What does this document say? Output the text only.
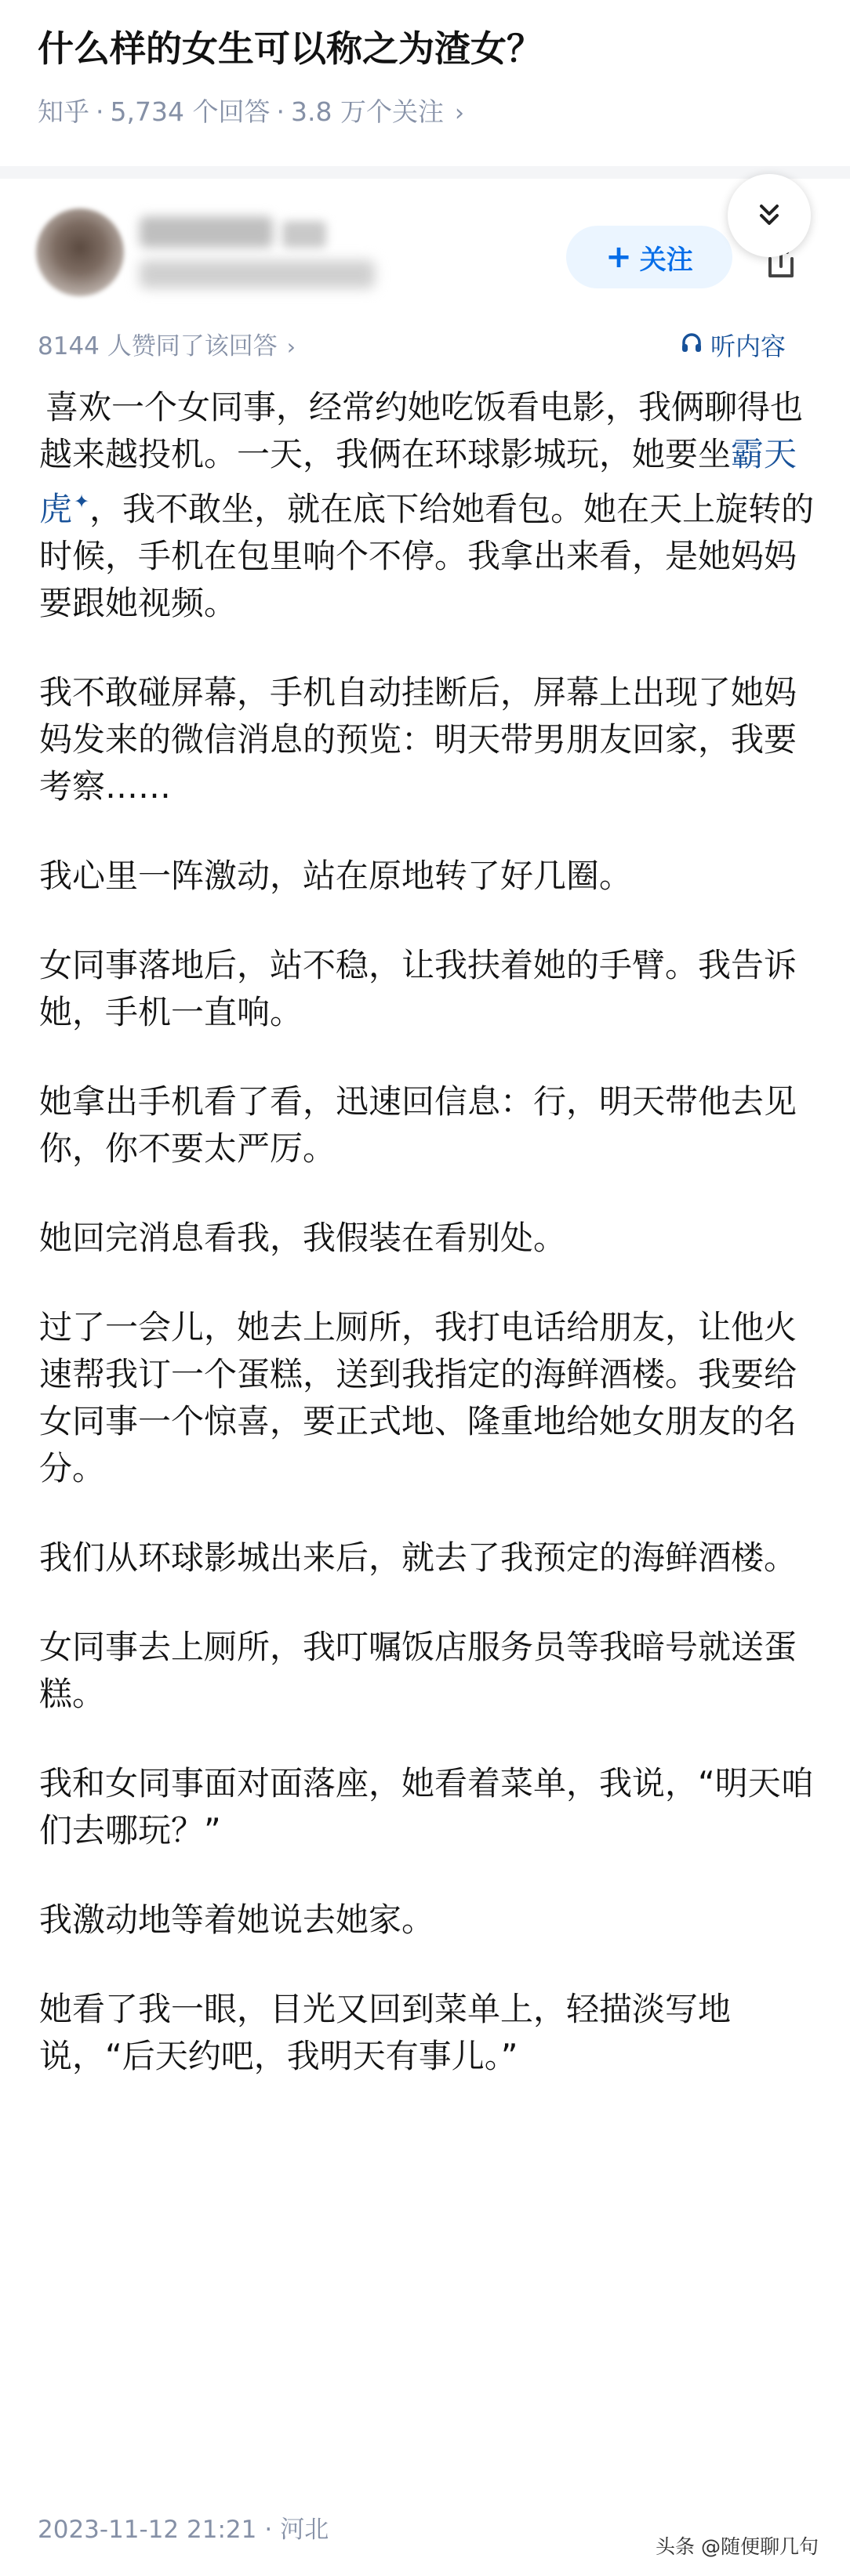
什么样的女生可以称之为渣女？
知乎 · 5,734 个回答 · 3.8 万个关注 ›
+ 关注
8144 人赞同了该回答 ›	听内容

喜欢一个女同事，经常约她吃饭看电影，我俩聊得也越来越投机。一天，我俩在环球影城玩，她要坐霸天虎✦，我不敢坐，就在底下给她看包。她在天上旋转的时候，手机在包里响个不停。我拿出来看，是她妈妈要跟她视频。

我不敢碰屏幕，手机自动挂断后，屏幕上出现了她妈妈发来的微信消息的预览：明天带男朋友回家，我要考察……

我心里一阵激动，站在原地转了好几圈。

女同事落地后，站不稳，让我扶着她的手臂。我告诉她，手机一直响。

她拿出手机看了看，迅速回信息：行，明天带他去见你，你不要太严厉。

她回完消息看我，我假装在看别处。

过了一会儿，她去上厕所，我打电话给朋友，让他火速帮我订一个蛋糕，送到我指定的海鲜酒楼。我要给女同事一个惊喜，要正式地、隆重地给她女朋友的名分。

我们从环球影城出来后，就去了我预定的海鲜酒楼。

女同事去上厕所，我叮嘱饭店服务员等我暗号就送蛋糕。

我和女同事面对面落座，她看着菜单，我说，“明天咱们去哪玩？”

我激动地等着她说去她家。

她看了我一眼，目光又回到菜单上，轻描淡写地说，“后天约吧，我明天有事儿。”

2023-11-12 21:21 · 河北
头条 @随便聊几句
